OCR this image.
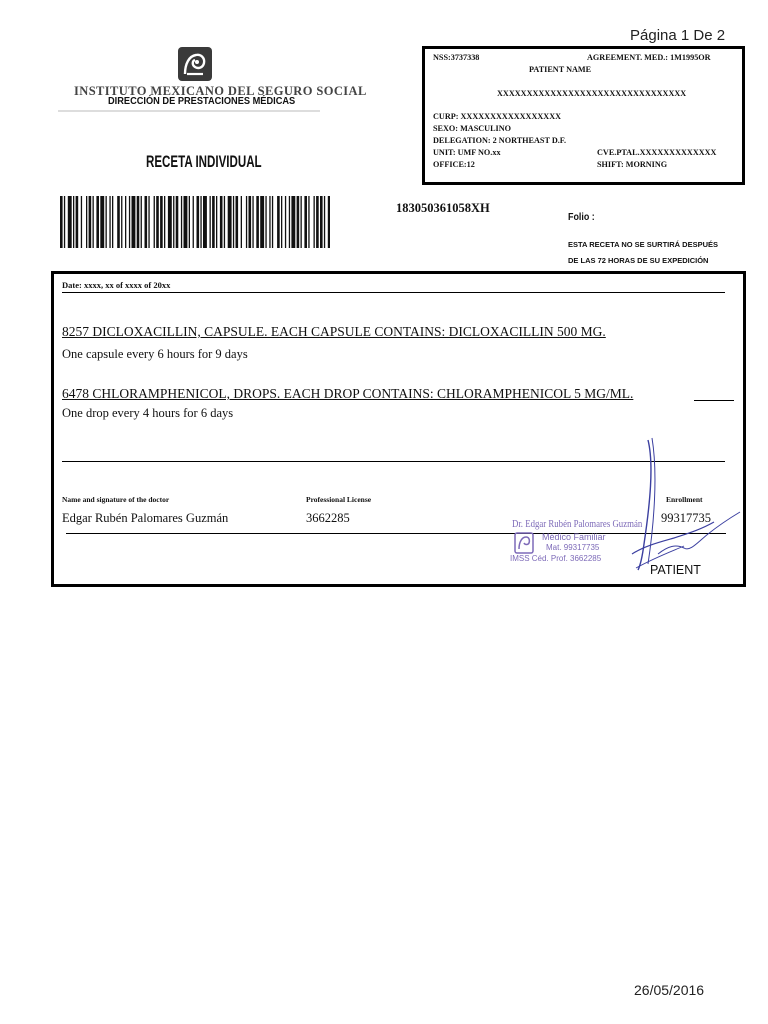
Página 1 De 2
INSTITUTO MEXICANO DEL SEGURO SOCIAL
DIRECCIÓN DE PRESTACIONES MÉDICAS
RECETA INDIVIDUAL
183050361058XH
Folio :
ESTA RECETA NO SE SURTIRÁ DESPUÉS
DE LAS 72 HORAS DE SU EXPEDICIÓN
NSS:3737338	AGREEMENT. MED.: 1M1995OR
PATIENT NAME
XXXXXXXXXXXXXXXXXXXXXXXXXXXXXXXX
CURP: XXXXXXXXXXXXXXXXX
SEXO: MASCULINO
DELEGATION: 2 NORTHEAST D.F.
UNIT: UMF NO.xx	CVE.PTAL.XXXXXXXXXXXXX
OFFICE:12	SHIFT: MORNING
Date: xxxx, xx of xxxx of 20xx
8257 DICLOXACILLIN, CAPSULE. EACH CAPSULE CONTAINS: DICLOXACILLIN 500 MG.
One capsule every 6 hours for 9 days
6478 CHLORAMPHENICOL, DROPS. EACH DROP CONTAINS: CHLORAMPHENICOL 5 MG/ML.
One drop every 4 hours for 6 days
Name and signature of the doctor
Edgar Rubén Palomares Guzmán
Professional License
3662285
Enrollment
99317735
Dr. Edgar Rubén Palomares Guzmán
Médico Familiar
Mat. 99317735
IMSS Céd. Prof. 3662285
PATIENT
26/05/2016
